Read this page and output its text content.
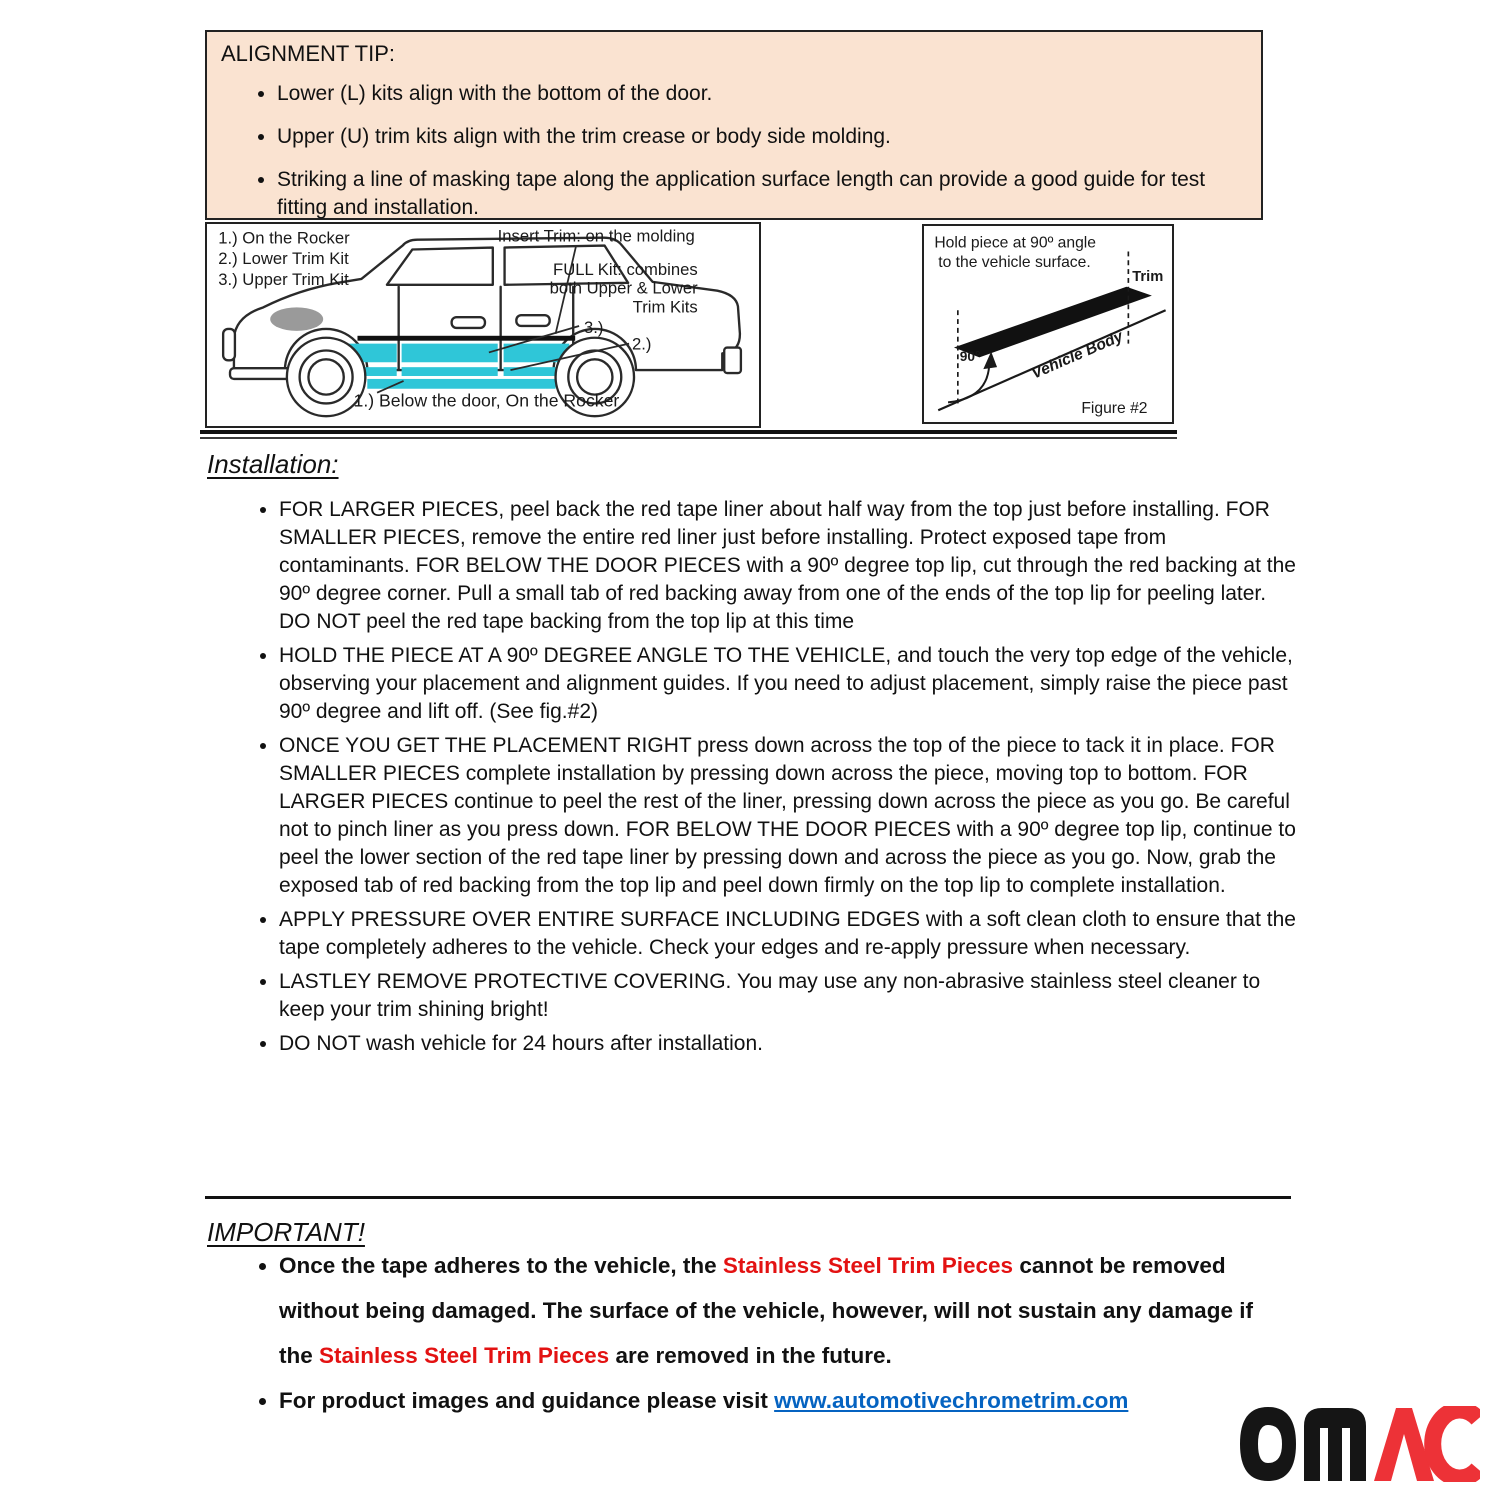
ALIGNMENT TIP:
• Lower (L) kits align with the bottom of the door.
• Upper (U) trim kits align with the trim crease or body side molding.
• Striking a line of masking tape along the application surface length can provide a good guide for test fitting and installation.
1.) On the Rocker
2.) Lower Trim Kit
3.) Upper Trim Kit
Insert Trim: on the molding
FULL Kit: combines
both Upper & Lower
Trim Kits
3.)
2.)
1.) Below the door, On the Rocker
Hold piece at 90º angle
to the vehicle surface.
90°	Vehicle Body
Trim
Figure #2
Installation:
• FOR LARGER PIECES, peel back the red tape liner about half way from the top just before installing. FOR SMALLER PIECES, remove the entire red liner just before installing. Protect exposed tape from contaminants. FOR BELOW THE DOOR PIECES with a 90º degree top lip, cut through the red backing at the 90º degree corner. Pull a small tab of red backing away from one of the ends of the top lip for peeling later. DO NOT peel the red tape backing from the top lip at this time
• HOLD THE PIECE AT A 90º DEGREE ANGLE TO THE VEHICLE, and touch the very top edge of the vehicle, observing your placement and alignment guides. If you need to adjust placement, simply raise the piece past 90º degree and lift off. (See fig.#2)
• ONCE YOU GET THE PLACEMENT RIGHT press down across the top of the piece to tack it in place. FOR SMALLER PIECES complete installation by pressing down across the piece, moving top to bottom. FOR LARGER PIECES continue to peel the rest of the liner, pressing down across the piece as you go. Be careful not to pinch liner as you press down. FOR BELOW THE DOOR PIECES with a 90º degree top lip, continue to peel the lower section of the red tape liner by pressing down and across the piece as you go. Now, grab the exposed tab of red backing from the top lip and peel down firmly on the top lip to complete installation.
• APPLY PRESSURE OVER ENTIRE SURFACE INCLUDING EDGES with a soft clean cloth to ensure that the tape completely adheres to the vehicle. Check your edges and re-apply pressure when necessary.
• LASTLEY REMOVE PROTECTIVE COVERING. You may use any non-abrasive stainless steel cleaner to keep your trim shining bright!
• DO NOT wash vehicle for 24 hours after installation.
IMPORTANT!
• Once the tape adheres to the vehicle, the Stainless Steel Trim Pieces cannot be removed without being damaged. The surface of the vehicle, however, will not sustain any damage if the Stainless Steel Trim Pieces are removed in the future.
• For product images and guidance please visit www.automotivechrometrim.com
